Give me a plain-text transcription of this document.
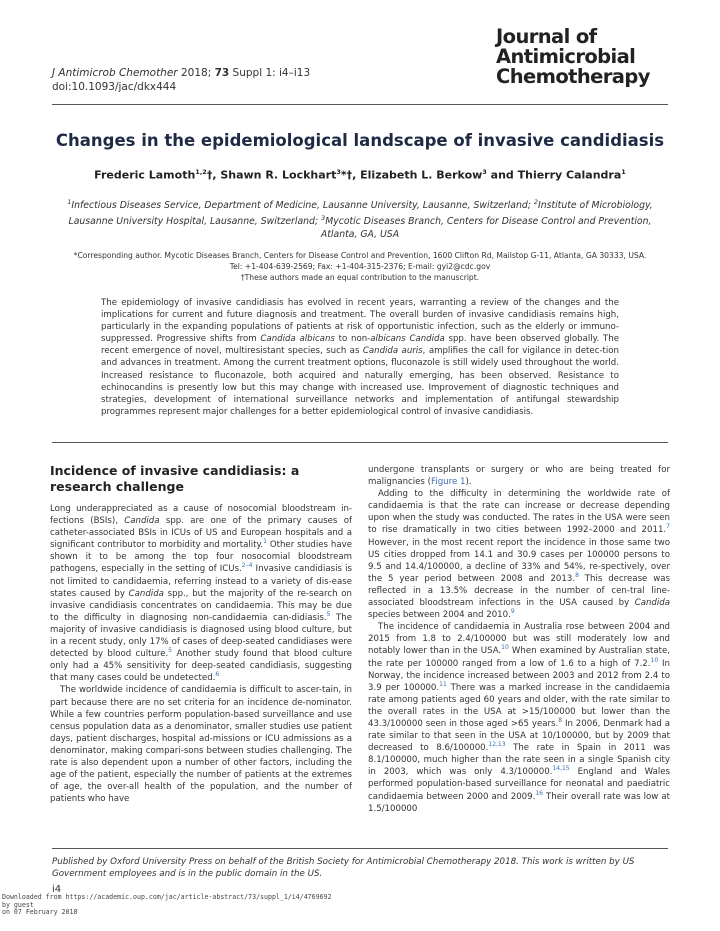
J Antimicrob Chemother 2018; 73 Suppl 1: i4–i13
doi:10.1093/jac/dkx444
Journal of
Antimicrobial
Chemotherapy
Changes in the epidemiological landscape of invasive candidiasis
Frederic Lamoth$^{1,2}$†, Shawn R. Lockhart$^3$*†, Elizabeth L. Berkow$^3$ and Thierry Calandra$^1$
$^1$Infectious Diseases Service, Department of Medicine, Lausanne University, Lausanne, Switzerland; $^2$Institute of Microbiology, Lausanne University Hospital, Lausanne, Switzerland; $^3$Mycotic Diseases Branch, Centers for Disease Control and Prevention, Atlanta, GA, USA
*Corresponding author. Mycotic Diseases Branch, Centers for Disease Control and Prevention, 1600 Clifton Rd, Mailstop G-11, Atlanta, GA 30333, USA.
Tel: +1-404-639-2569; Fax: +1-404-315-2376; E-mail: gyi2@cdc.gov
†These authors made an equal contribution to the manuscript.
The epidemiology of invasive candidiasis has evolved in recent years, warranting a review of the changes and the implications for current and future diagnosis and treatment. The overall burden of invasive candidiasis remains high, particularly in the expanding populations of patients at risk of opportunistic infection, such as the elderly or immuno-suppressed. Progressive shifts from Candida albicans to non-albicans Candida spp. have been observed globally. The recent emergence of novel, multiresistant species, such as Candida auris, amplifies the call for vigilance in detec-tion and advances in treatment. Among the current treatment options, fluconazole is still widely used throughout the world. Increased resistance to fluconazole, both acquired and naturally emerging, has been observed. Resistance to echinocandins is presently low but this may change with increased use. Improvement of diagnostic techniques and strategies, development of international surveillance networks and implementation of antifungal stewardship programmes represent major challenges for a better epidemiological control of invasive candidiasis.
Incidence of invasive candidiasis: a research challenge

Long underappreciated as a cause of nosocomial bloodstream in-fections (BSIs), Candida spp. are one of the primary causes of catheter-associated BSIs in ICUs of US and European hospitals and a significant contributor to morbidity and mortality.$^1$ Other studies have shown it to be among the top four nosocomial bloodstream pathogens, especially in the setting of ICUs.$^{2-4}$ Invasive candidiasis is not limited to candidaemia, referring instead to a variety of dis-ease states caused by Candida spp., but the majority of the re-search on invasive candidiasis concentrates on candidaemia. This may be due to the difficulty in diagnosing non-candidaemia can-didiasis.$^5$ The majority of invasive candidiasis is diagnosed using blood culture, but in a recent study, only 17% of cases of deep-seated candidiases were detected by blood culture.$^5$ Another study found that blood culture only had a 45% sensitivity for deep-seated candidiasis, suggesting that many cases could be undetected.$^6$

The worldwide incidence of candidaemia is difficult to ascer-tain, in part because there are no set criteria for an incidence de-nominator. While a few countries perform population-based surveillance and use census population data as a denominator, smaller studies use patient days, patient discharges, hospital ad-missions or ICU admissions as a denominator, making compari-sons between studies challenging. The rate is also dependent upon a number of other factors, including the age of the patient, especially the number of patients at the extremes of age, the over-all health of the population, and the number of patients who have

undergone transplants or surgery or who are being treated for malignancies (Figure 1).

Adding to the difficulty in determining the worldwide rate of candidaemia is that the rate can increase or decrease depending upon when the study was conducted. The rates in the USA were seen to rise dramatically in two cities between 1992–2000 and 2011.$^7$ However, in the most recent report the incidence in those same two US cities dropped from 14.1 and 30.9 cases per 100000 persons to 9.5 and 14.4/100000, a decline of 33% and 54%, re-spectively, over the 5 year period between 2008 and 2013.$^8$ This decrease was reflected in a 13.5% decrease in the number of cen-tral line-associated bloodstream infections in the USA caused by Candida species between 2004 and 2010.$^9$

The incidence of candidaemia in Australia rose between 2004 and 2015 from 1.8 to 2.4/100000 but was still moderately low and notably lower than in the USA.$^{10}$ When examined by Australian state, the rate per 100000 ranged from a low of 1.6 to a high of 7.2.10 In Norway, the incidence increased between 2003 and 2012 from 2.4 to 3.9 per 100000.11 There was a marked increase in the candidaemia rate among patients aged 60 years and older, with the rate similar to the overall rates in the USA at >15/100000 but lower than the 43.3/100000 seen in those aged >65 years.$^8$ In 2006, Denmark had a rate similar to that seen in the USA at 10/100000, but by 2009 that decreased to 8.6/100000.$^{12,13}$ The rate in Spain in 2011 was 8.1/100000, much higher than the rate seen in a single Spanish city in 2003, which was only 4.3/100000.$^{14,15}$ England and Wales performed population-based surveillance for neonatal and paediatric candidaemia between 2000 and 2009.16 Their overall rate was low at 1.5/100000

Published by Oxford University Press on behalf of the British Society for Antimicrobial Chemotherapy 2018. This work is written by US Government employees and is in the public domain in the US.
i4
Downloaded from https://academic.oup.com/jac/article-abstract/73/suppl_1/i4/4769692
by guest
on 07 February 2018
